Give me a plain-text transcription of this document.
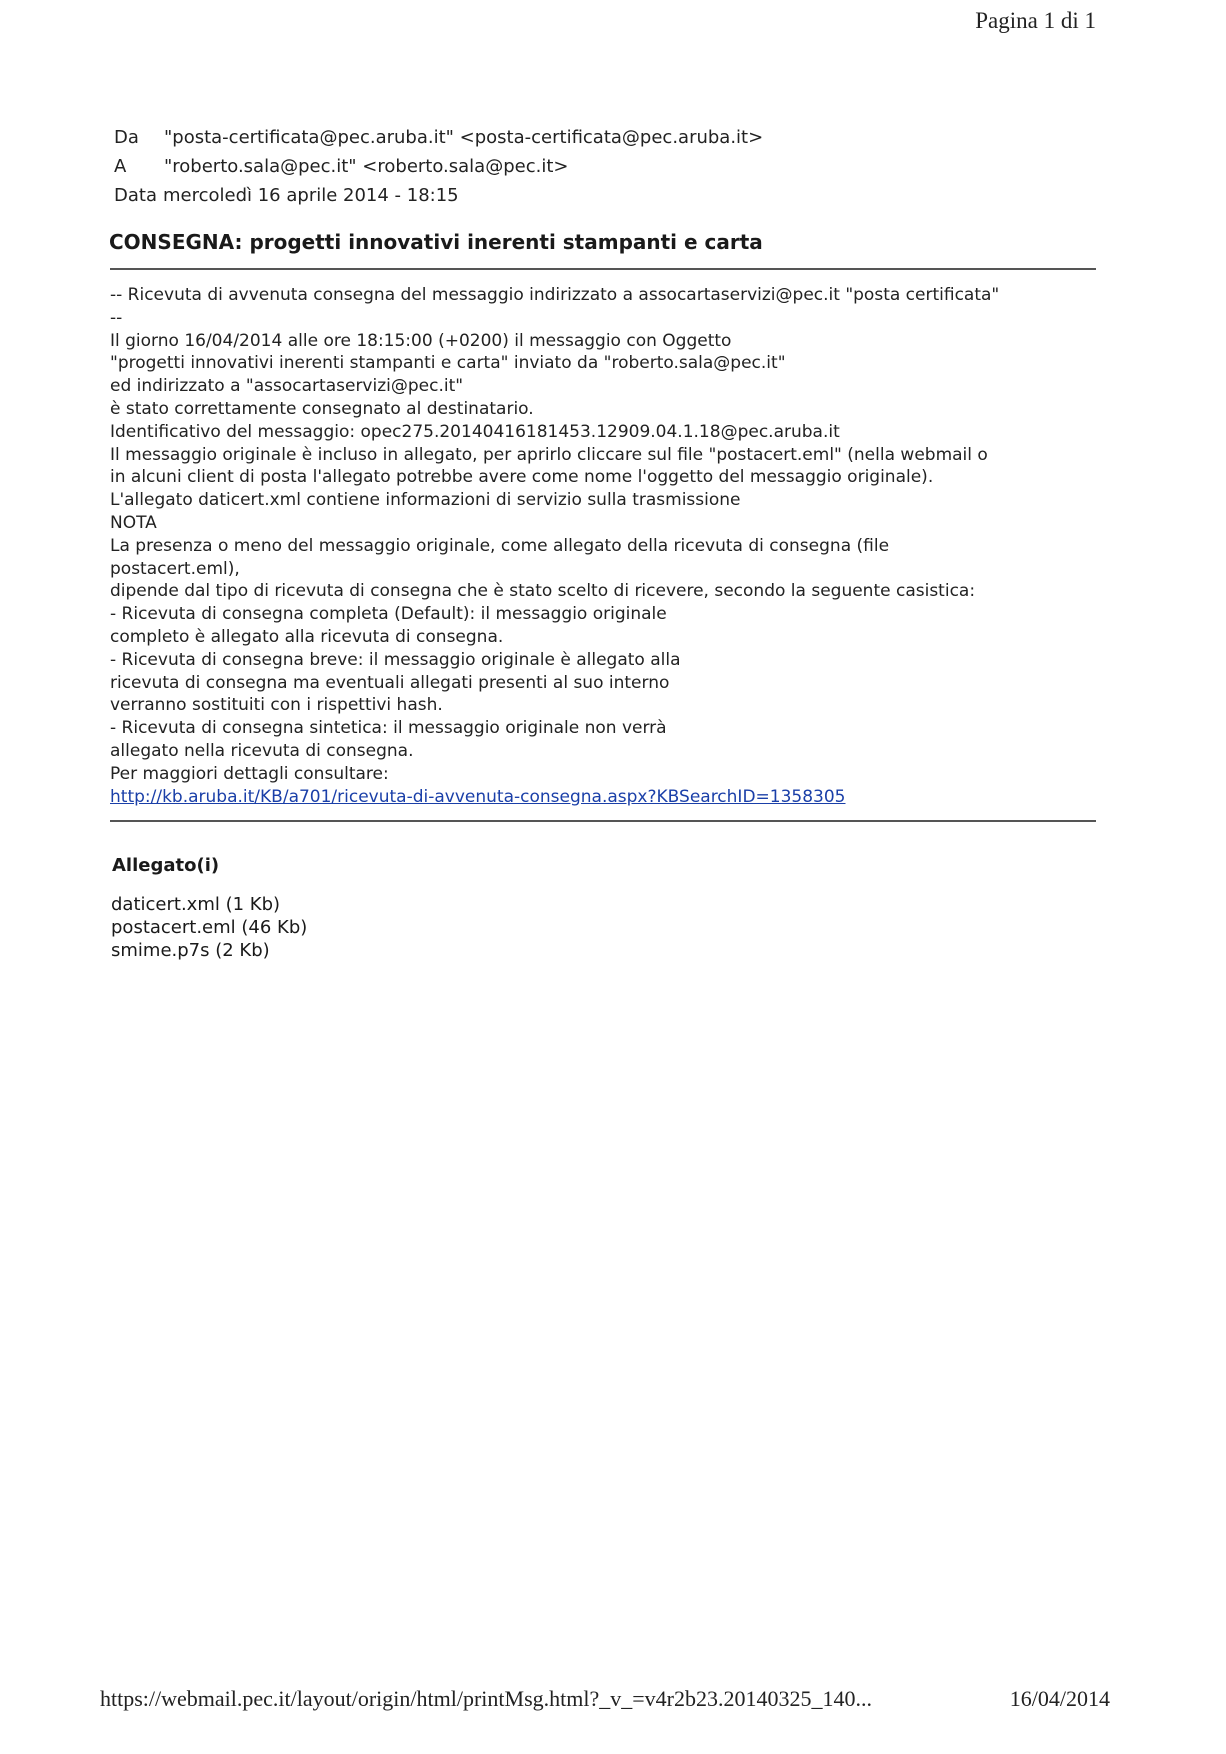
Pagina 1 di 1
Da	"posta-certificata@pec.aruba.it" <posta-certificata@pec.aruba.it>
A	"roberto.sala@pec.it" <roberto.sala@pec.it>
Data mercoledì 16 aprile 2014 - 18:15
CONSEGNA: progetti innovativi inerenti stampanti e carta
-- Ricevuta di avvenuta consegna del messaggio indirizzato a assocartaservizi@pec.it "posta certificata"
--
Il giorno 16/04/2014 alle ore 18:15:00 (+0200) il messaggio con Oggetto
"progetti innovativi inerenti stampanti e carta" inviato da "roberto.sala@pec.it"
ed indirizzato a "assocartaservizi@pec.it"
è stato correttamente consegnato al destinatario.
Identificativo del messaggio: opec275.20140416181453.12909.04.1.18@pec.aruba.it
Il messaggio originale è incluso in allegato, per aprirlo cliccare sul file "postacert.eml" (nella webmail o
in alcuni client di posta l'allegato potrebbe avere come nome l'oggetto del messaggio originale).
L'allegato daticert.xml contiene informazioni di servizio sulla trasmissione
NOTA
La presenza o meno del messaggio originale, come allegato della ricevuta di consegna (file
postacert.eml),
dipende dal tipo di ricevuta di consegna che è stato scelto di ricevere, secondo la seguente casistica:
- Ricevuta di consegna completa (Default): il messaggio originale
completo è allegato alla ricevuta di consegna.
- Ricevuta di consegna breve: il messaggio originale è allegato alla
ricevuta di consegna ma eventuali allegati presenti al suo interno
verranno sostituiti con i rispettivi hash.
- Ricevuta di consegna sintetica: il messaggio originale non verrà
allegato nella ricevuta di consegna.
Per maggiori dettagli consultare:
http://kb.aruba.it/KB/a701/ricevuta-di-avvenuta-consegna.aspx?KBSearchID=1358305
Allegato(i)
daticert.xml (1 Kb)
postacert.eml (46 Kb)
smime.p7s (2 Kb)
https://webmail.pec.it/layout/origin/html/printMsg.html?_v_=v4r2b23.20140325_140...	16/04/2014
